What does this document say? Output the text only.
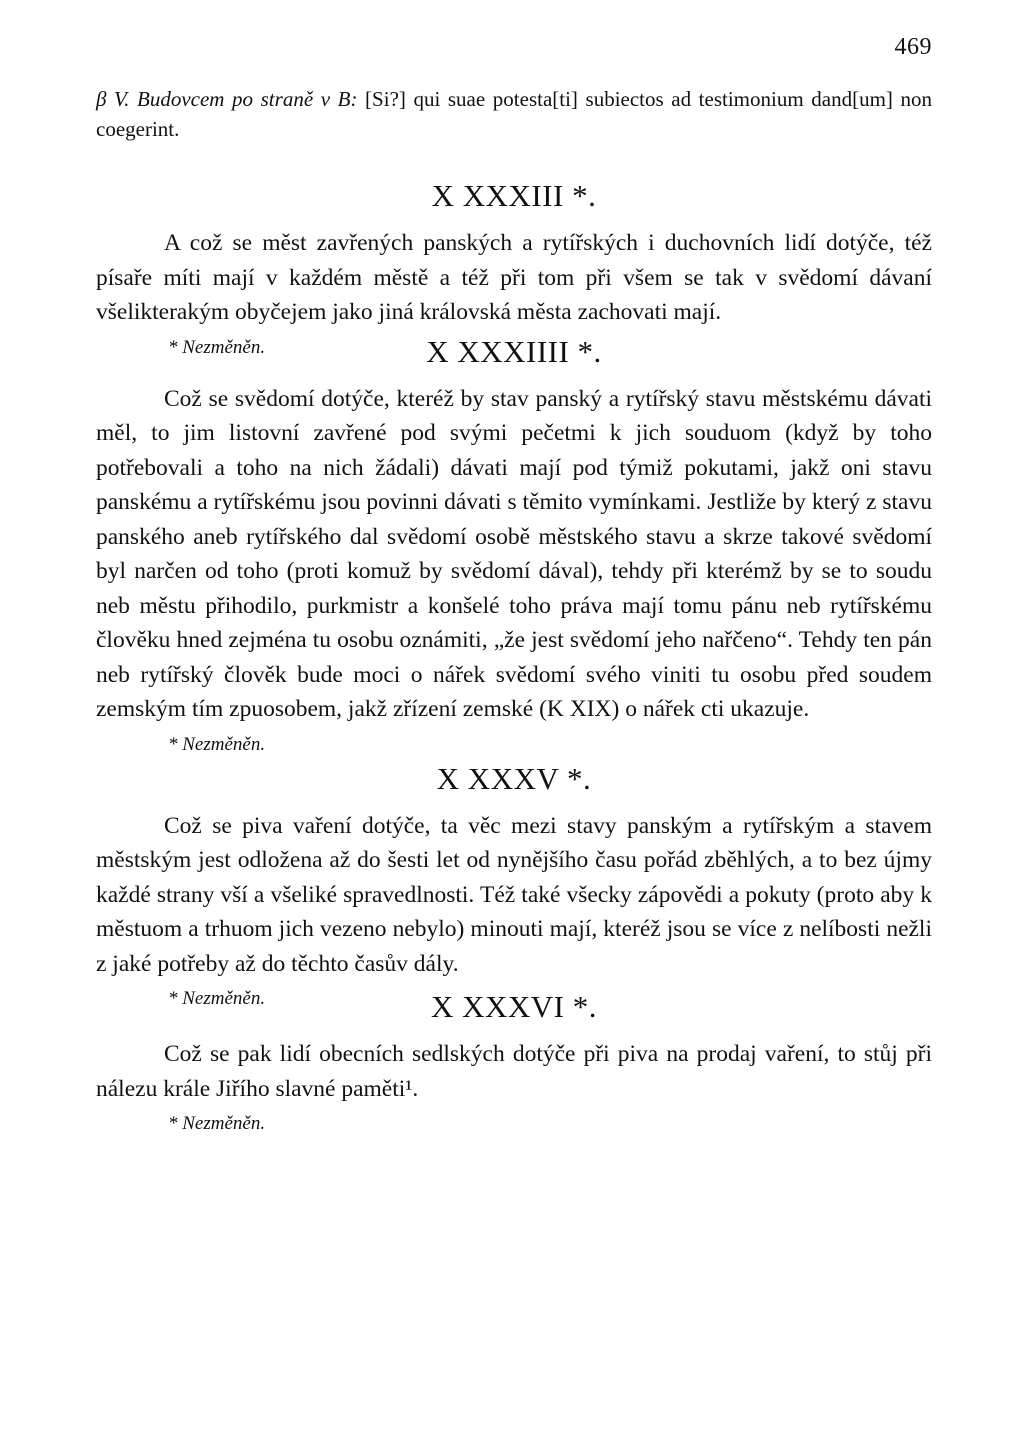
469

β V. Budovcem po straně v B: [Si?] qui suae potesta[ti] subiectos ad testimonium dand[um] non coegerint.

X XXXIII *.

A což se měst zavřených panských a rytířských i duchovních lidí dotýče, též písaře míti mají v každém městě a též při tom při všem se tak v svědomí dávaní všelikterakým obyčejem jako jiná královská města zachovati mají.

* Nezměněn.	X XXXIIII *.

Což se svědomí dotýče, kteréž by stav panský a rytířský stavu městskému dávati měl, to jim listovní zavřené pod svými pečetmi k jich souduom (když by toho potřebovali a toho na nich žádali) dávati mají pod týmiž pokutami, jakž oni stavu panskému a rytířskému jsou povinni dávati s těmito vymínkami. Jestliže by který z stavu panského aneb rytířského dal svědomí osobě městského stavu a skrze takové svědomí byl narčen od toho (proti komuž by svědomí dával), tehdy při kterémž by se to soudu neb městu přihodilo, purkmistr a konšelé toho práva mají tomu pánu neb rytířskému člověku hned zejména tu osobu oznámiti, „že jest svědomí jeho nařčeno“. Tehdy ten pán neb rytířský člověk bude moci o nářek svědomí svého viniti tu osobu před soudem zemským tím zpuosobem, jakž zřízení zemské (K XIX) o nářek cti ukazuje.

* Nezměněn.
X XXXV *.

Což se piva vaření dotýče, ta věc mezi stavy panským a rytířským a stavem městským jest odložena až do šesti let od nynějšího času pořád zběhlých, a to bez újmy každé strany vší a všeliké spravedlnosti. Též také všecky zápovědi a pokuty (proto aby k městuom a trhuom jich vezeno nebylo) minouti mají, kteréž jsou se více z nelíbosti nežli z jaké potřeby až do těchto časův dály.

* Nezměněn.	X XXXVI *.

Což se pak lidí obecních sedlských dotýče při piva na prodaj vaření, to stůj při nálezu krále Jiřího slavné paměti¹.

* Nezměněn.
